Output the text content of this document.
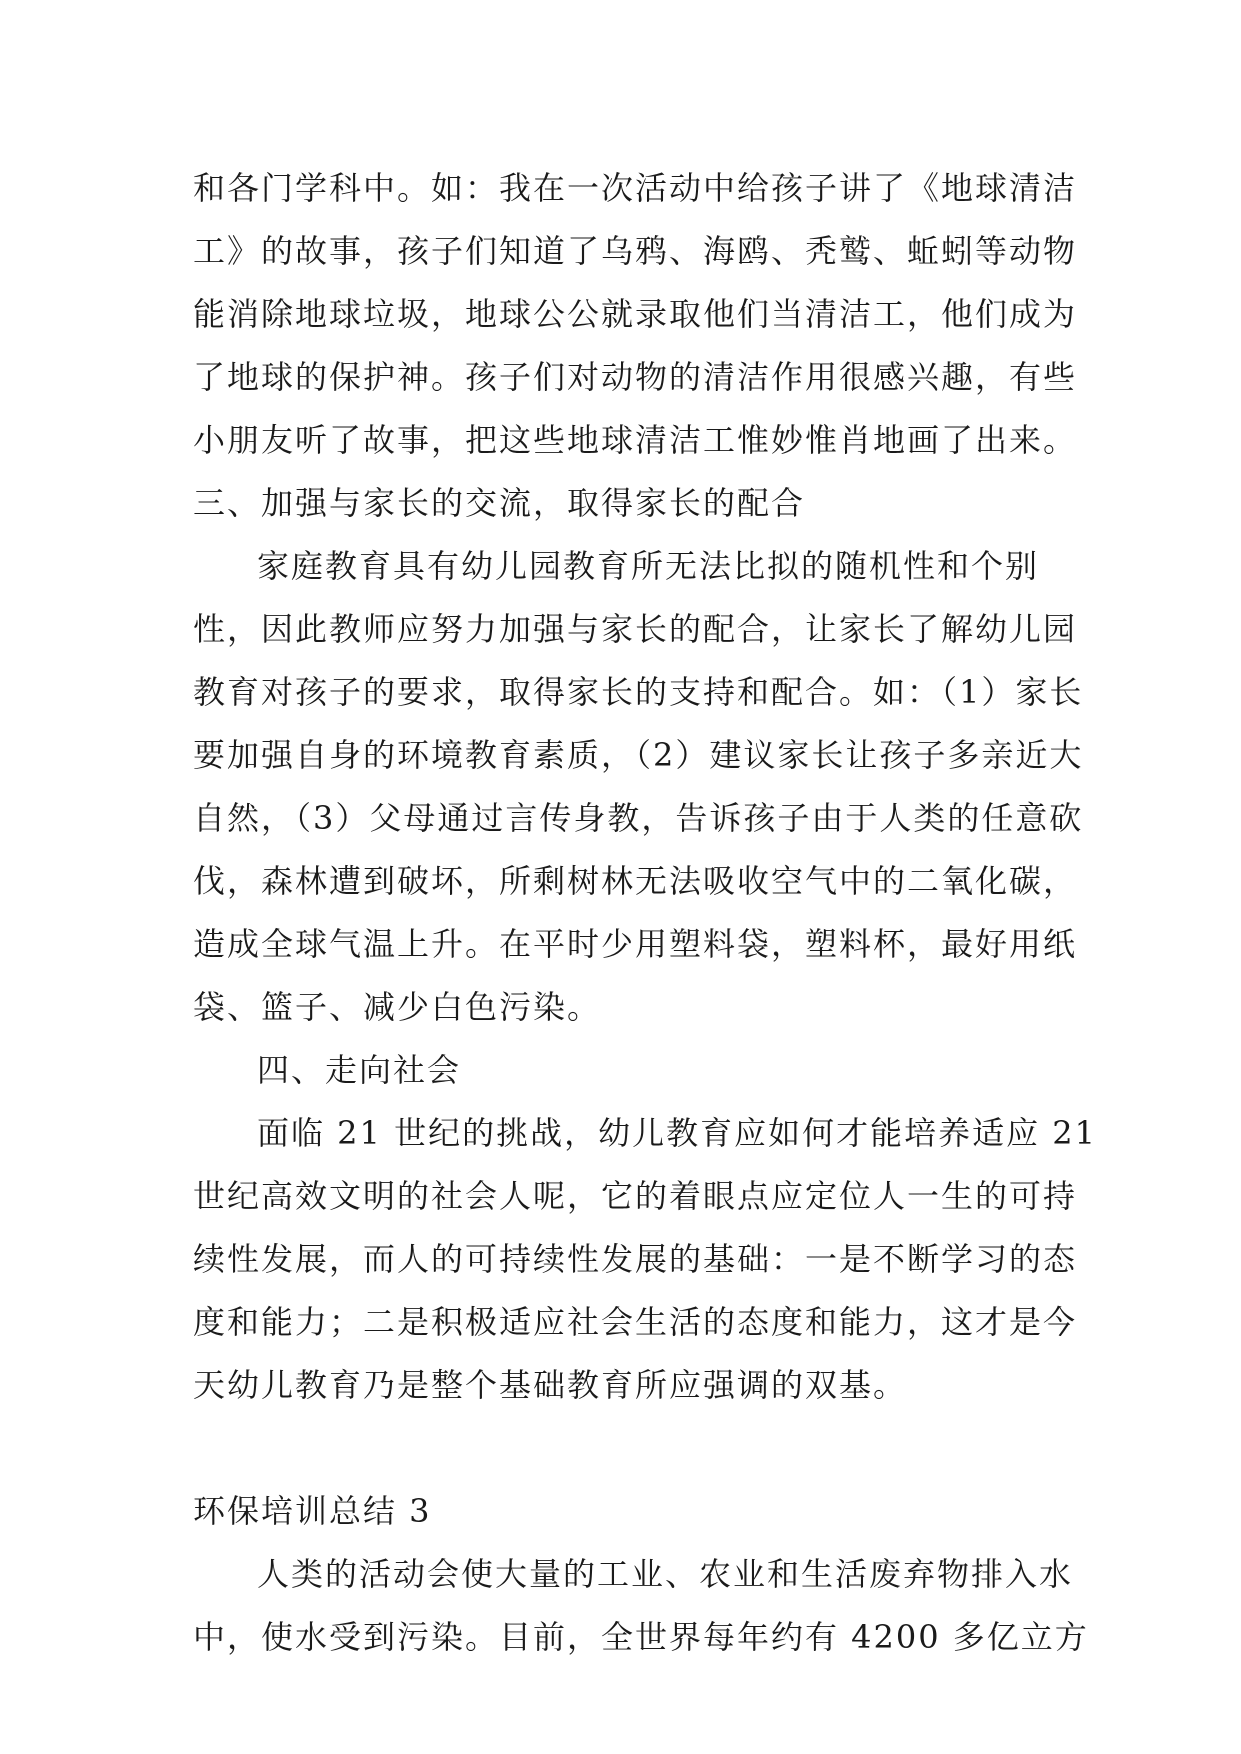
和各门学科中。如：我在一次活动中给孩子讲了《地球清洁
工》的故事，孩子们知道了乌鸦、海鸥、秃鹫、蚯蚓等动物
能消除地球垃圾，地球公公就录取他们当清洁工，他们成为
了地球的保护神。孩子们对动物的清洁作用很感兴趣，有些
小朋友听了故事，把这些地球清洁工惟妙惟肖地画了出来。
三、加强与家长的交流，取得家长的配合
家庭教育具有幼儿园教育所无法比拟的随机性和个别
性，因此教师应努力加强与家长的配合，让家长了解幼儿园
教育对孩子的要求，取得家长的支持和配合。如：（1）家长
要加强自身的环境教育素质，（2）建议家长让孩子多亲近大
自然，（3）父母通过言传身教，告诉孩子由于人类的任意砍
伐，森林遭到破坏，所剩树林无法吸收空气中的二氧化碳，
造成全球气温上升。在平时少用塑料袋，塑料杯，最好用纸
袋、篮子、减少白色污染。
四、走向社会
面临 21 世纪的挑战，幼儿教育应如何才能培养适应 21
世纪高效文明的社会人呢，它的着眼点应定位人一生的可持
续性发展，而人的可持续性发展的基础：一是不断学习的态
度和能力；二是积极适应社会生活的态度和能力，这才是今
天幼儿教育乃是整个基础教育所应强调的双基。
环保培训总结 3
人类的活动会使大量的工业、农业和生活废弃物排入水
中，使水受到污染。目前，全世界每年约有 4200 多亿立方
